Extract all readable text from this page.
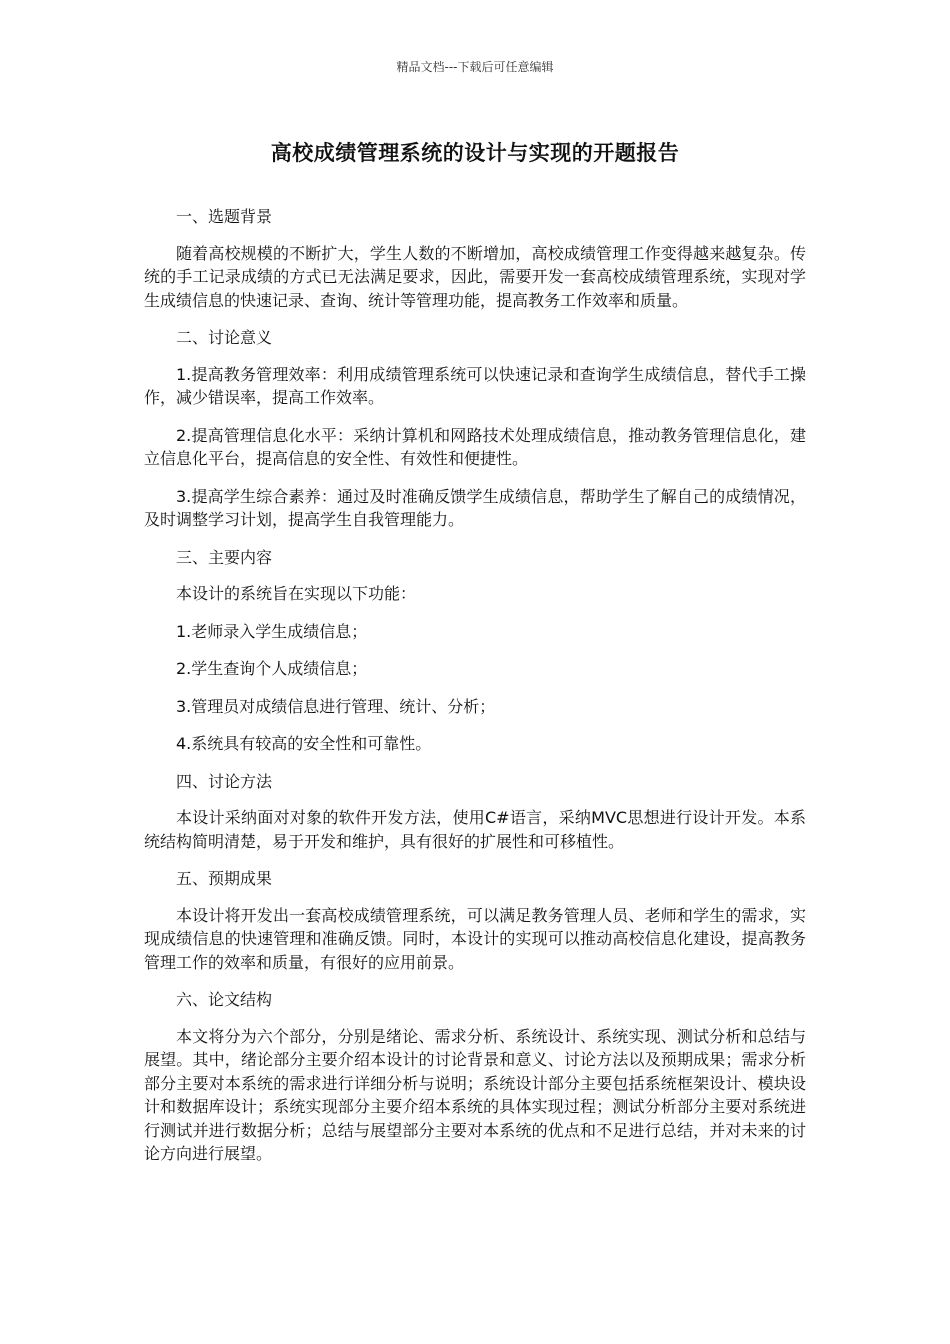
精品文档---下载后可任意编辑
高校成绩管理系统的设计与实现的开题报告

一、选题背景

随着高校规模的不断扩大，学生人数的不断增加，高校成绩管理工作变得越来越复杂。传统的手工记录成绩的方式已无法满足要求，因此，需要开发一套高校成绩管理系统，实现对学生成绩信息的快速记录、查询、统计等管理功能，提高教务工作效率和质量。

二、讨论意义

1.提高教务管理效率：利用成绩管理系统可以快速记录和查询学生成绩信息，替代手工操作，减少错误率，提高工作效率。

2.提高管理信息化水平：采纳计算机和网路技术处理成绩信息，推动教务管理信息化，建立信息化平台，提高信息的安全性、有效性和便捷性。

3.提高学生综合素养：通过及时准确反馈学生成绩信息，帮助学生了解自己的成绩情况，及时调整学习计划，提高学生自我管理能力。

三、主要内容

本设计的系统旨在实现以下功能：

1.老师录入学生成绩信息；

2.学生查询个人成绩信息；

3.管理员对成绩信息进行管理、统计、分析；

4.系统具有较高的安全性和可靠性。

四、讨论方法

本设计采纳面对对象的软件开发方法，使用C#语言，采纳MVC思想进行设计开发。本系统结构简明清楚，易于开发和维护，具有很好的扩展性和可移植性。

五、预期成果

本设计将开发出一套高校成绩管理系统，可以满足教务管理人员、老师和学生的需求，实现成绩信息的快速管理和准确反馈。同时，本设计的实现可以推动高校信息化建设，提高教务管理工作的效率和质量，有很好的应用前景。

六、论文结构

本文将分为六个部分，分别是绪论、需求分析、系统设计、系统实现、测试分析和总结与展望。其中，绪论部分主要介绍本设计的讨论背景和意义、讨论方法以及预期成果；需求分析部分主要对本系统的需求进行详细分析与说明；系统设计部分主要包括系统框架设计、模块设计和数据库设计；系统实现部分主要介绍本系统的具体实现过程；测试分析部分主要对系统进行测试并进行数据分析；总结与展望部分主要对本系统的优点和不足进行总结，并对未来的讨论方向进行展望。
